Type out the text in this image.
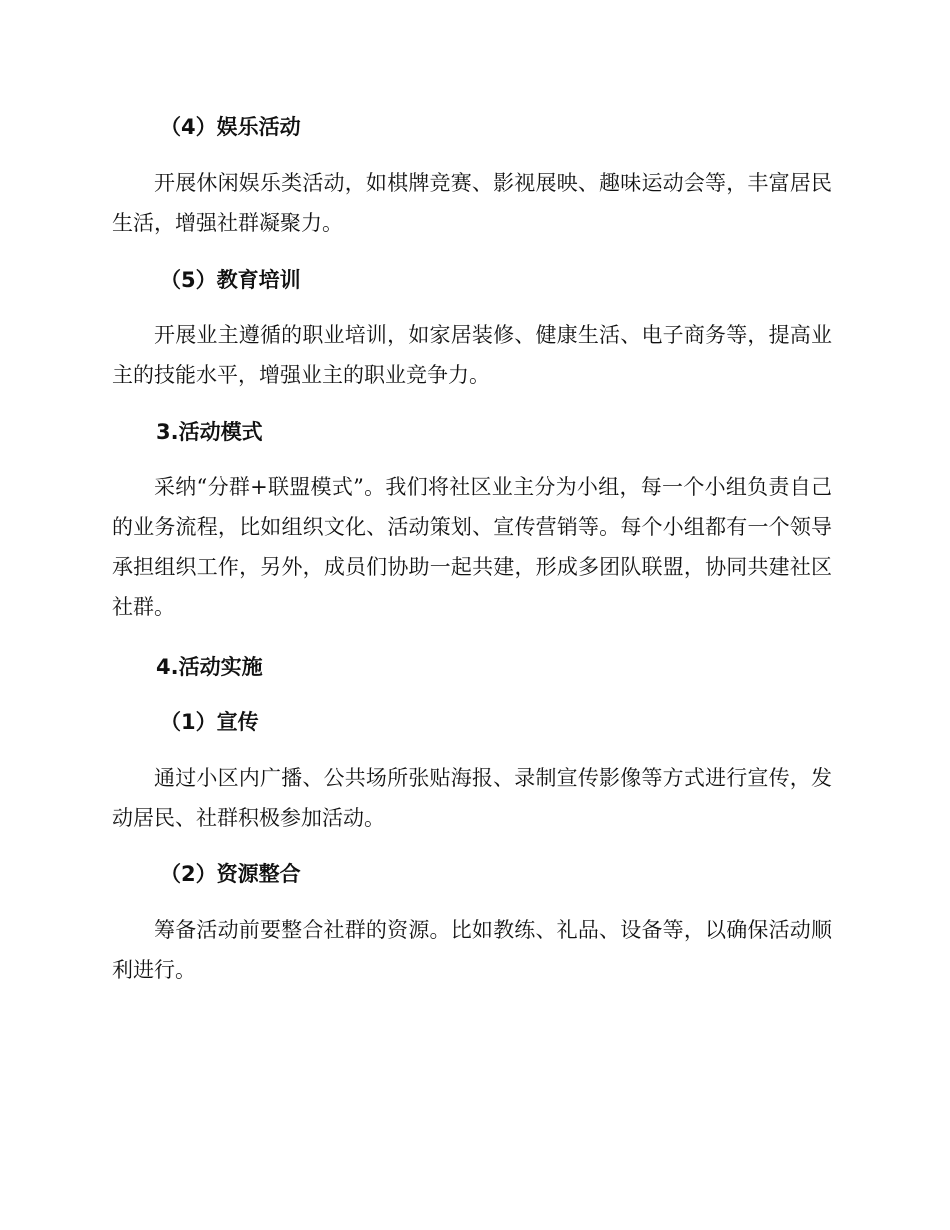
（4）娱乐活动
开展休闲娱乐类活动，如棋牌竞赛、影视展映、趣味运动会等，丰富居民生活，增强社群凝聚力。
（5）教育培训
开展业主遵循的职业培训，如家居装修、健康生活、电子商务等，提高业主的技能水平，增强业主的职业竞争力。
3.活动模式
采纳“分群+联盟模式”。我们将社区业主分为小组，每一个小组负责自己的业务流程，比如组织文化、活动策划、宣传营销等。每个小组都有一个领导承担组织工作，另外，成员们协助一起共建，形成多团队联盟，协同共建社区社群。
4.活动实施
（1）宣传
通过小区内广播、公共场所张贴海报、录制宣传影像等方式进行宣传，发动居民、社群积极参加活动。
（2）资源整合
筹备活动前要整合社群的资源。比如教练、礼品、设备等，以确保活动顺利进行。
